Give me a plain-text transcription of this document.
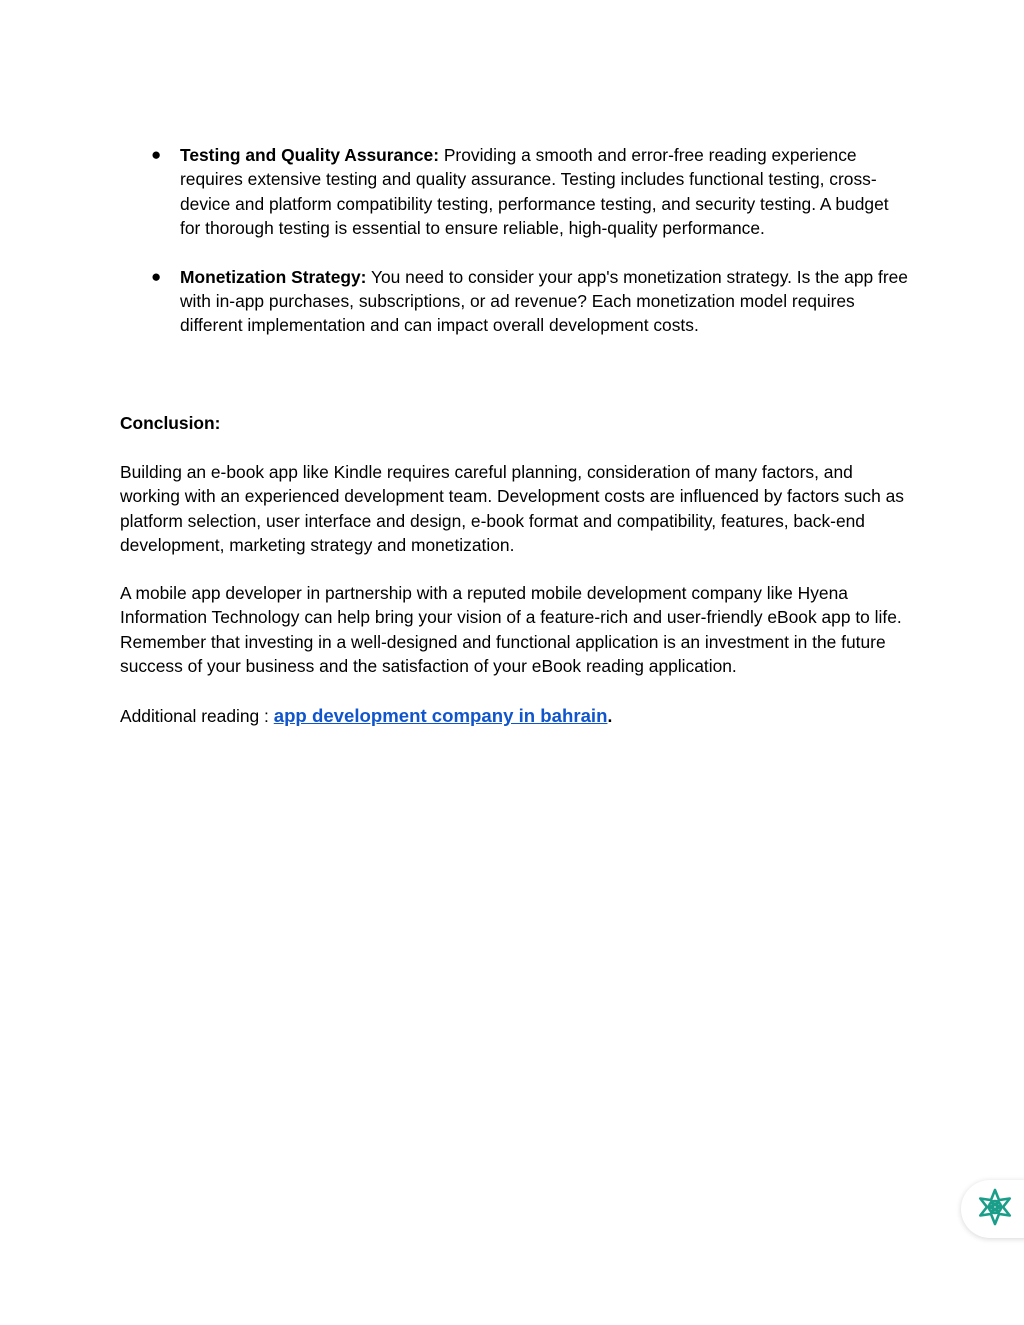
● Testing and Quality Assurance: Providing a smooth and error-free reading experience requires extensive testing and quality assurance. Testing includes functional testing, cross-device and platform compatibility testing, performance testing, and security testing. A budget for thorough testing is essential to ensure reliable, high-quality performance.
● Monetization Strategy: You need to consider your app's monetization strategy. Is the app free with in-app purchases, subscriptions, or ad revenue? Each monetization model requires different implementation and can impact overall development costs.

Conclusion:

Building an e-book app like Kindle requires careful planning, consideration of many factors, and working with an experienced development team. Development costs are influenced by factors such as platform selection, user interface and design, e-book format and compatibility, features, back-end development, marketing strategy and monetization.

A mobile app developer in partnership with a reputed mobile development company like Hyena Information Technology can help bring your vision of a feature-rich and user-friendly eBook app to life. Remember that investing in a well-designed and functional application is an investment in the future success of your business and the satisfaction of your eBook reading application.

Additional reading : app development company in bahrain.
